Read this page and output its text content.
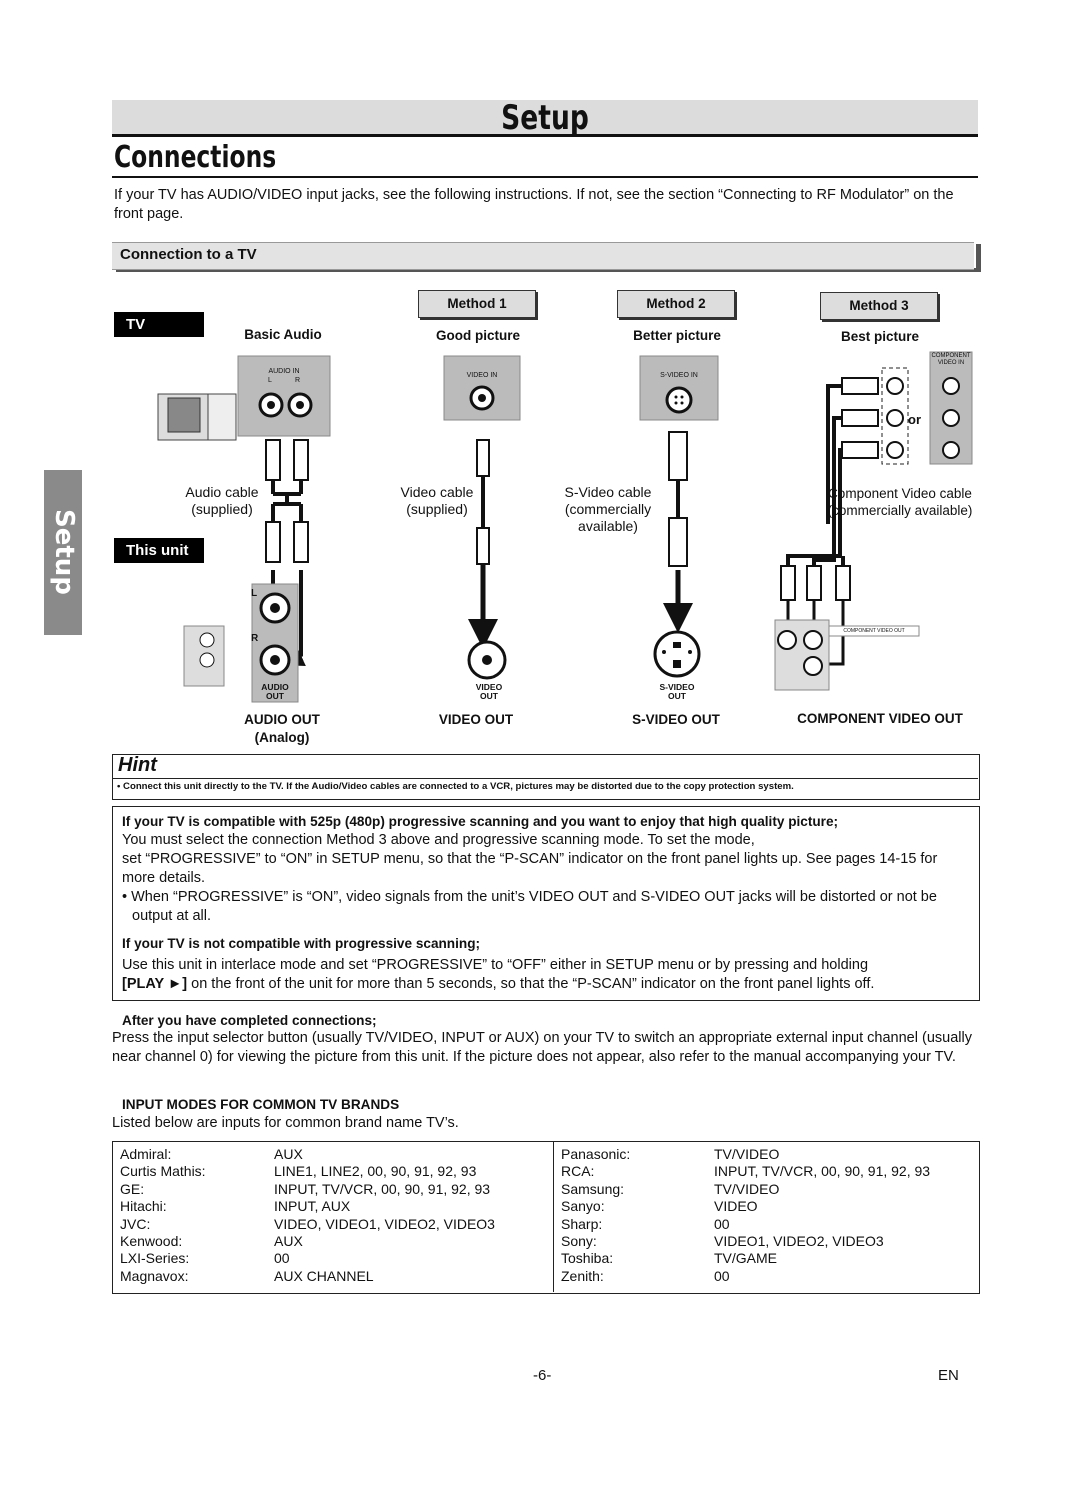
Setup
Connections
If your TV has AUDIO/VIDEO input jacks, see the following instructions. If not, see the section “Connecting to RF Modulator” on the front page.
Connection to a TV
Setup
TV
This unit
Method 1	Method 2	Method 3
Basic Audio	Good picture	Better picture	Best picture
AUDIO IN
L            R
VIDEO IN	S-VIDEO IN
COMPONENT
VIDEO IN
or
Audio cable
(supplied)
Video cable
(supplied)
S-Video cable
(commercially
available)
Component Video cable
(commercially available)
L
R
AUDIO
OUT
VIDEO
OUT
S-VIDEO
OUT
COMPONENT VIDEO OUT
AUDIO OUT
(Analog)
VIDEO OUT	S-VIDEO OUT	COMPONENT VIDEO OUT
Hint
• Connect this unit directly to the TV. If the Audio/Video cables are connected to a VCR, pictures may be distorted due to the copy protection system.
If your TV is compatible with 525p (480p) progressive scanning and you want to enjoy that high quality picture;
You must select the connection Method 3 above and progressive scanning mode. To set the mode,
set “PROGRESSIVE” to “ON” in SETUP menu, so that the “P-SCAN” indicator on the front panel lights up. See pages 14-15 for more details.
• When “PROGRESSIVE” is “ON”, video signals from the unit’s VIDEO OUT and S-VIDEO OUT jacks will be distorted or not be output at all.
If your TV is not compatible with progressive scanning;
Use this unit in interlace mode and set “PROGRESSIVE” to “OFF” either in SETUP menu or by pressing and holding
[PLAY ►] on the front of the unit for more than 5 seconds, so that the “P-SCAN” indicator on the front panel lights off.
After you have completed connections;
Press the input selector button (usually TV/VIDEO, INPUT or AUX) on your TV to switch an appropriate external input channel (usually near channel 0) for viewing the picture from this unit. If the picture does not appear, also refer to the manual accompanying your TV.
INPUT MODES FOR COMMON TV BRANDS
Listed below are inputs for common brand name TV’s.
Admiral:	AUX
Curtis Mathis:	LINE1, LINE2, 00, 90, 91, 92, 93
GE:	INPUT, TV/VCR, 00, 90, 91, 92, 93
Hitachi:	INPUT, AUX
JVC:	VIDEO, VIDEO1, VIDEO2, VIDEO3
Kenwood:	AUX
LXI-Series:	00
Magnavox:	AUX CHANNEL
Panasonic:	TV/VIDEO
RCA:	INPUT, TV/VCR, 00, 90, 91, 92, 93
Samsung:	TV/VIDEO
Sanyo:	VIDEO
Sharp:	00
Sony:	VIDEO1, VIDEO2, VIDEO3
Toshiba:	TV/GAME
Zenith:	00
-6-	EN
